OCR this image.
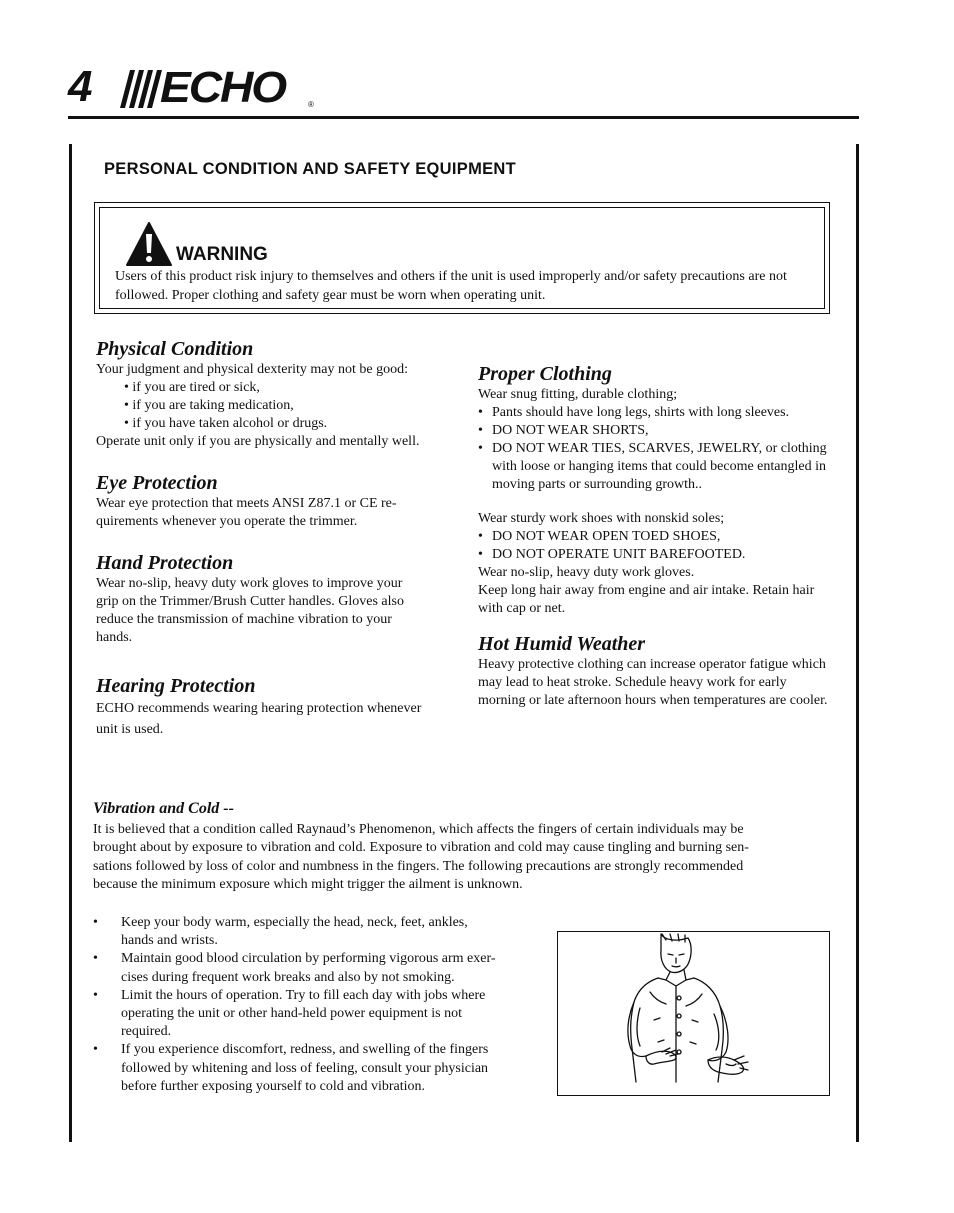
4 ECHO	®
PERSONAL CONDITION AND SAFETY EQUIPMENT
WARNING
Users of this product risk injury to themselves and others if the unit is used improperly and/or safety precautions are not followed. Proper clothing and safety gear must be worn when operating unit.
Physical Condition
Your judgment and physical dexterity may not be good:
• if you are tired or sick,
• if you are taking medication,
• if you have taken alcohol or drugs.
Operate unit only if you are physically and mentally well.
Eye Protection
Wear eye protection that meets ANSI Z87.1 or CE re-
quirements whenever you operate the trimmer.
Hand Protection
Wear no-slip, heavy duty work gloves to improve your
grip on the Trimmer/Brush Cutter handles. Gloves also
reduce the transmission of machine vibration to your
hands.
Hearing Protection
ECHO recommends wearing hearing protection whenever
unit is used.
Proper Clothing
Wear snug fitting, durable clothing;
• Pants should have long legs, shirts with long sleeves.
• DO NOT WEAR SHORTS,
• DO NOT WEAR TIES, SCARVES, JEWELRY, or clothing with loose or hanging items that could become entangled in moving parts or surrounding growth..
Wear sturdy work shoes with nonskid soles;
• DO NOT WEAR OPEN TOED SHOES,
• DO NOT OPERATE UNIT BAREFOOTED.
Wear no-slip, heavy duty work gloves.
Keep long hair away from engine and air intake. Retain hair with cap or net.
Hot Humid Weather
Heavy protective clothing can increase operator fatigue which may lead to heat stroke. Schedule heavy work for early morning or late afternoon hours when temperatures are cooler.
Vibration and Cold --
It is believed that a condition called Raynaud’s Phenomenon, which affects the fingers of certain individuals may be
brought about by exposure to vibration and cold. Exposure to vibration and cold may cause tingling and burning sen-
sations followed by loss of color and numbness in the fingers. The following precautions are strongly recommended
because the minimum exposure which might trigger the ailment is unknown.
•	Keep your body warm, especially the head, neck, feet, ankles,
hands and wrists.
•	Maintain good blood circulation by performing vigorous arm exer-
cises during frequent work breaks and also by not smoking.
•	Limit the hours of operation. Try to fill each day with jobs where
operating the unit or other hand-held power equipment is not
required.
•	If you experience discomfort, redness, and swelling of the fingers
followed by whitening and loss of feeling, consult your physician
before further exposing yourself to cold and vibration.
